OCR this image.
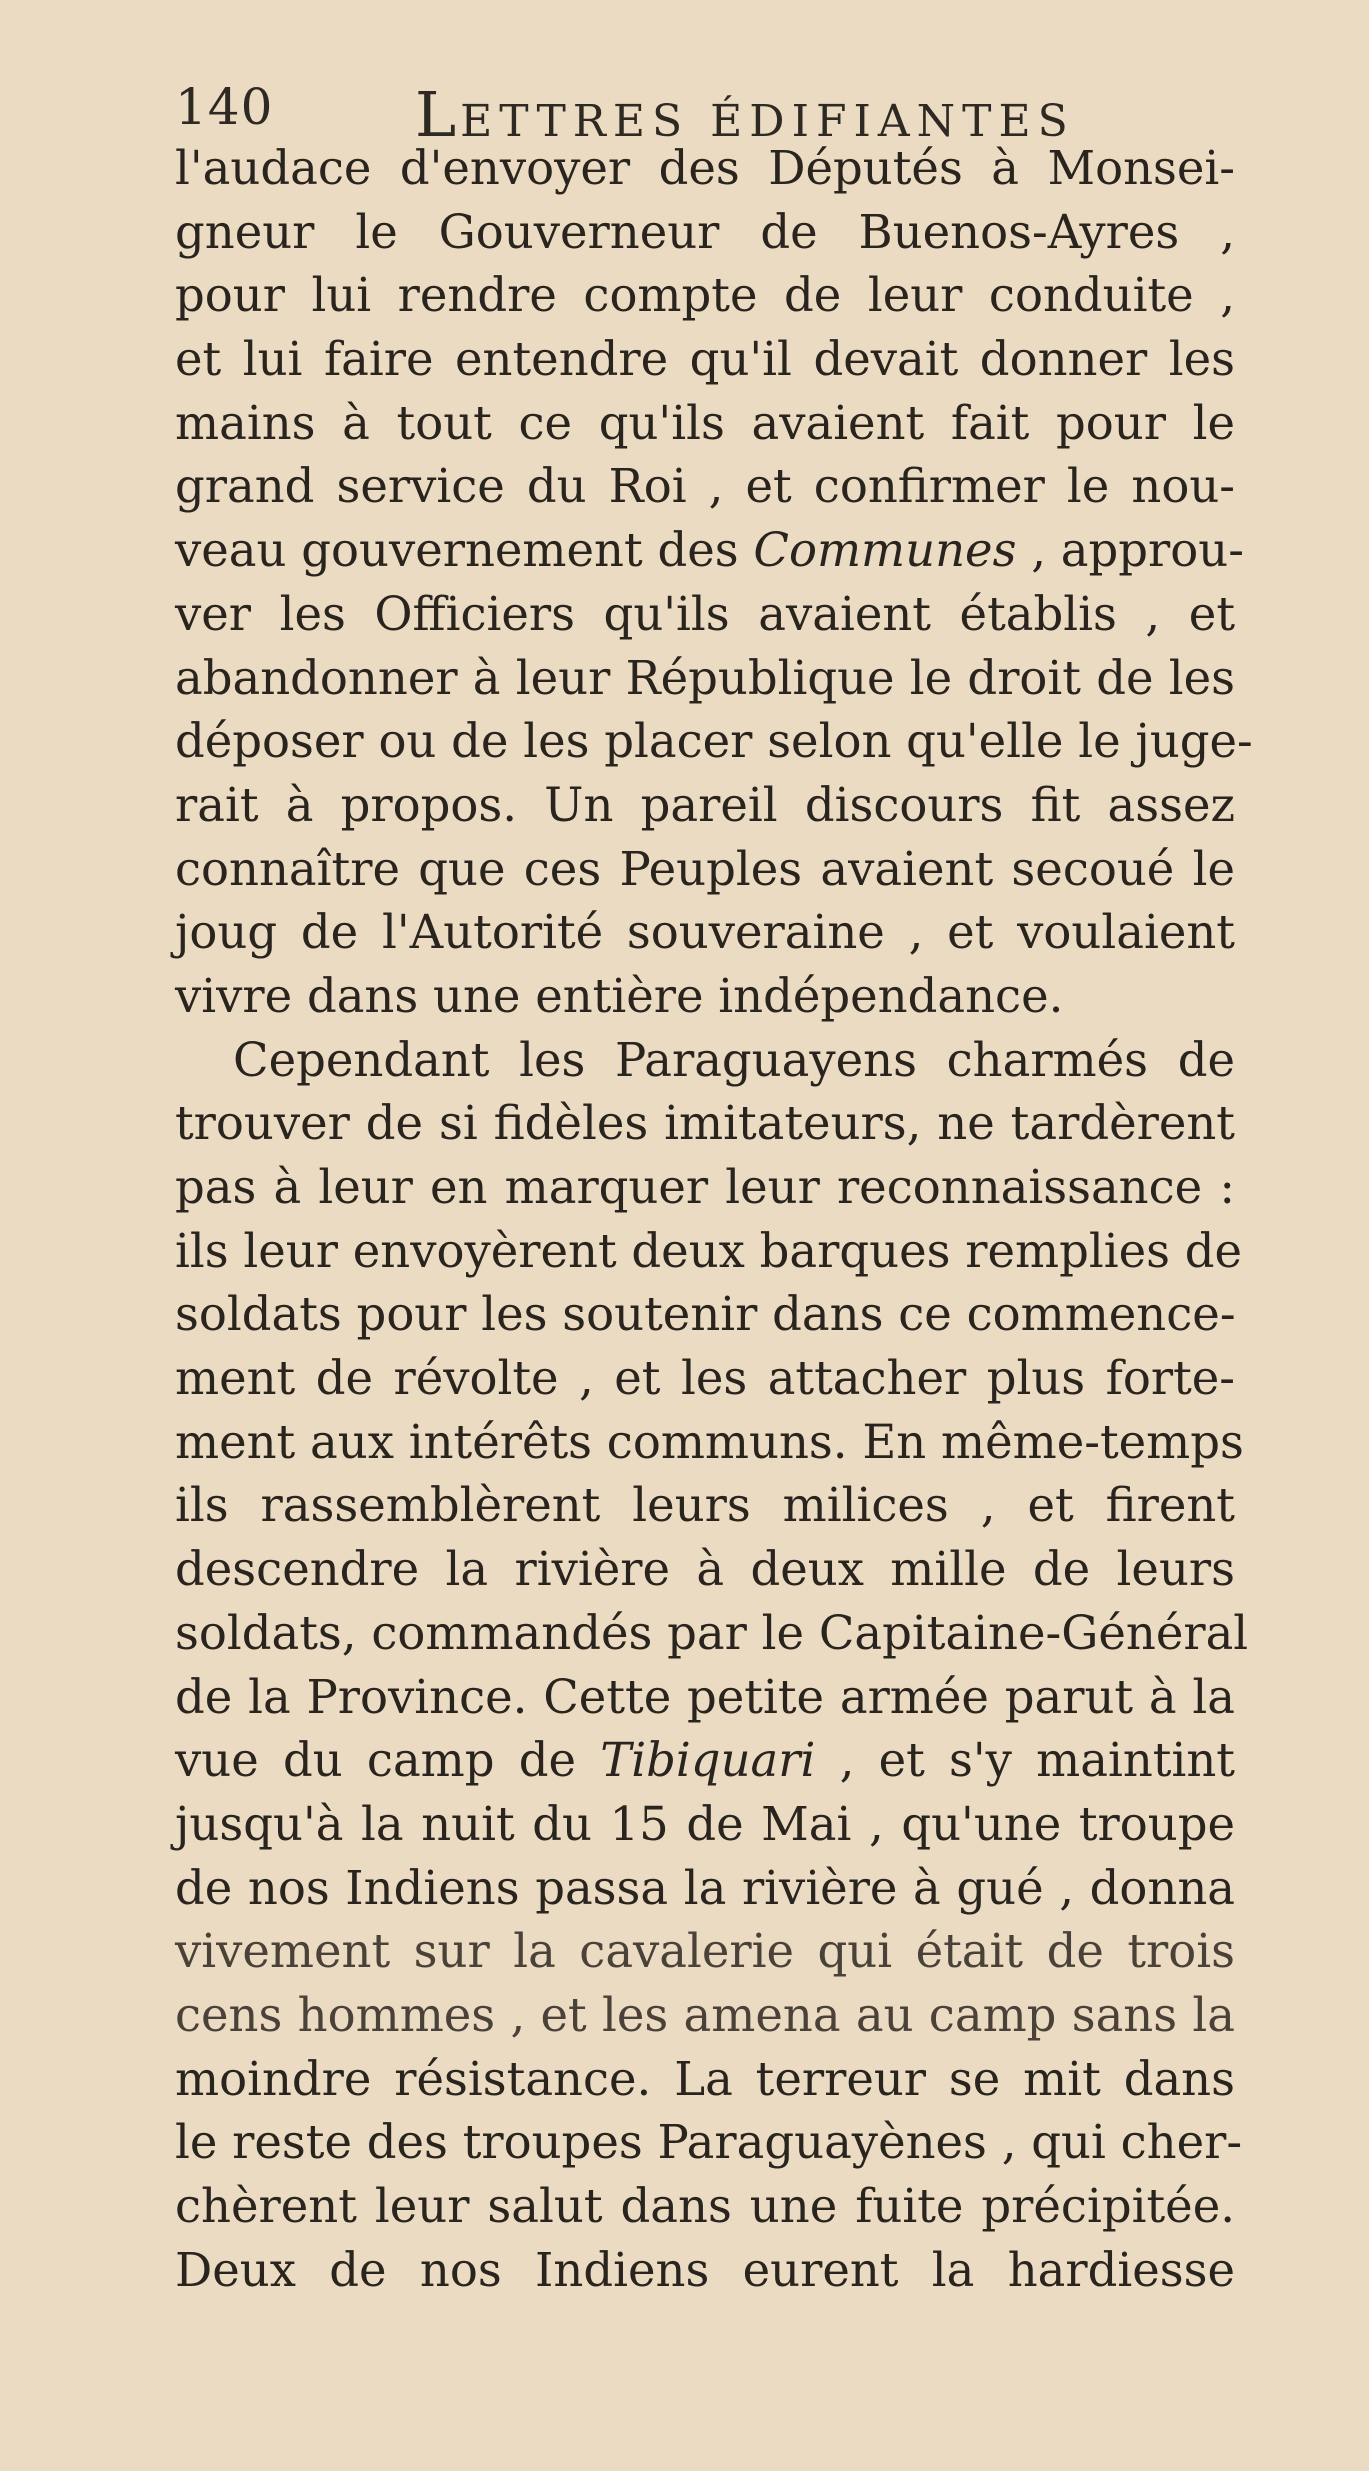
140 LETTRES ÉDIFIANTES
l'audace d'envoyer des Députés à Monsei-
gneur le Gouverneur de Buenos-Ayres ,
pour lui rendre compte de leur conduite ,
et lui faire entendre qu'il devait donner les
mains à tout ce qu'ils avaient fait pour le
grand service du Roi , et confirmer le nou-
veau gouvernement des Communes , approu-
ver les Officiers qu'ils avaient établis , et
abandonner à leur République le droit de les
déposer ou de les placer selon qu'elle le juge-
rait à propos. Un pareil discours fit assez
connaître que ces Peuples avaient secoué le
joug de l'Autorité souveraine , et voulaient
vivre dans une entière indépendance.
Cependant les Paraguayens charmés de
trouver de si fidèles imitateurs, ne tardèrent
pas à leur en marquer leur reconnaissance :
ils leur envoyèrent deux barques remplies de
soldats pour les soutenir dans ce commence-
ment de révolte , et les attacher plus forte-
ment aux intérêts communs. En même-temps
ils rassemblèrent leurs milices , et firent
descendre la rivière à deux mille de leurs
soldats, commandés par le Capitaine-Général
de la Province. Cette petite armée parut à la
vue du camp de Tibiquari , et s'y maintint
jusqu'à la nuit du 15 de Mai , qu'une troupe
de nos Indiens passa la rivière à gué , donna
vivement sur la cavalerie qui était de trois
cens hommes , et les amena au camp sans la
moindre résistance. La terreur se mit dans
le reste des troupes Paraguayènes , qui cher-
chèrent leur salut dans une fuite précipitée.
Deux de nos Indiens eurent la hardiesse
